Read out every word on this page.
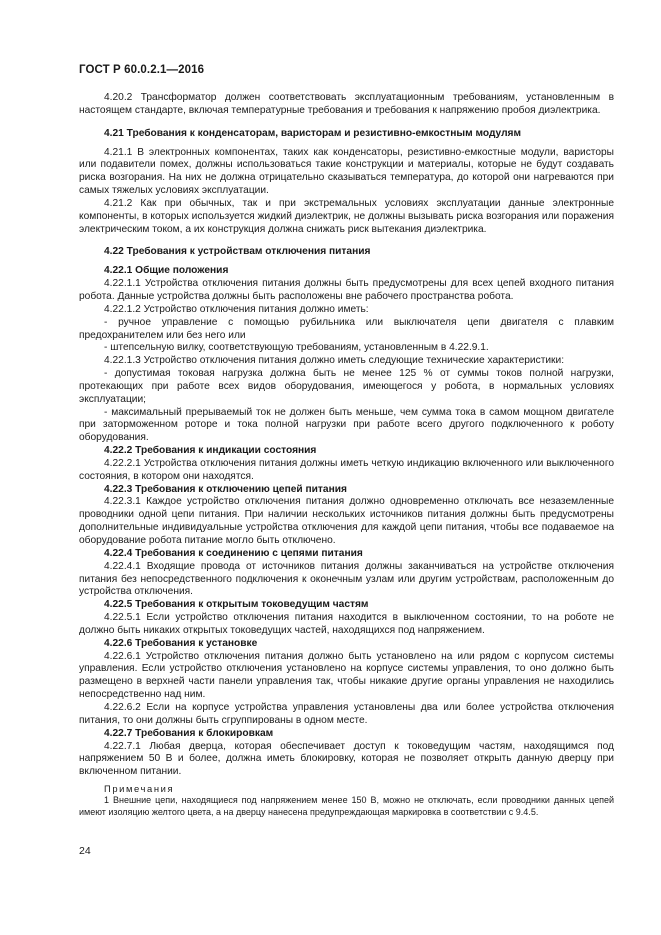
ГОСТ Р 60.0.2.1—2016

4.20.2 Трансформатор должен соответствовать эксплуатационным требованиям, установленным в настоящем стандарте, включая температурные требования и требования к напряжению пробоя диэлектрика.

4.21 Требования к конденсаторам, варисторам и резистивно-емкостным модулям

4.21.1 В электронных компонентах, таких как конденсаторы, резистивно-емкостные модули, варисторы или подавители помех, должны использоваться такие конструкции и материалы, которые не будут создавать риска возгорания. На них не должна отрицательно сказываться температура, до которой они нагреваются при самых тяжелых условиях эксплуатации.

4.21.2 Как при обычных, так и при экстремальных условиях эксплуатации данные электронные компоненты, в которых используется жидкий диэлектрик, не должны вызывать риска возгорания или поражения электрическим током, а их конструкция должна снижать риск вытекания диэлектрика.

4.22 Требования к устройствам отключения питания

4.22.1 Общие положения

4.22.1.1 Устройства отключения питания должны быть предусмотрены для всех цепей входного питания робота. Данные устройства должны быть расположены вне рабочего пространства робота.

4.22.1.2 Устройство отключения питания должно иметь:

- ручное управление с помощью рубильника или выключателя цепи двигателя с плавким предохранителем или без него или

- штепсельную вилку, соответствующую требованиям, установленным в 4.22.9.1.

4.22.1.3 Устройство отключения питания должно иметь следующие технические характеристики:

- допустимая токовая нагрузка должна быть не менее 125 % от суммы токов полной нагрузки, протекающих при работе всех видов оборудования, имеющегося у робота, в нормальных условиях эксплуатации;

- максимальный прерываемый ток не должен быть меньше, чем сумма тока в самом мощном двигателе при заторможенном роторе и тока полной нагрузки при работе всего другого подключенного к роботу оборудования.

4.22.2 Требования к индикации состояния

4.22.2.1 Устройства отключения питания должны иметь четкую индикацию включенного или выключенного состояния, в котором они находятся.

4.22.3 Требования к отключению цепей питания

4.22.3.1 Каждое устройство отключения питания должно одновременно отключать все незаземленные проводники одной цепи питания. При наличии нескольких источников питания должны быть предусмотрены дополнительные индивидуальные устройства отключения для каждой цепи питания, чтобы все подаваемое на оборудование робота питание могло быть отключено.

4.22.4 Требования к соединению с цепями питания

4.22.4.1 Входящие провода от источников питания должны заканчиваться на устройстве отключения питания без непосредственного подключения к оконечным узлам или другим устройствам, расположенным до устройства отключения.

4.22.5 Требования к открытым токоведущим частям

4.22.5.1 Если устройство отключения питания находится в выключенном состоянии, то на роботе не должно быть никаких открытых токоведущих частей, находящихся под напряжением.

4.22.6 Требования к установке

4.22.6.1 Устройство отключения питания должно быть установлено на или рядом с корпусом системы управления. Если устройство отключения установлено на корпусе системы управления, то оно должно быть размещено в верхней части панели управления так, чтобы никакие другие органы управления не находились непосредственно над ним.

4.22.6.2 Если на корпусе устройства управления установлены два или более устройства отключения питания, то они должны быть сгруппированы в одном месте.

4.22.7 Требования к блокировкам

4.22.7.1 Любая дверца, которая обеспечивает доступ к токоведущим частям, находящимся под напряжением 50 В и более, должна иметь блокировку, которая не позволяет открыть данную дверцу при включенном питании.

Примечания

1 Внешние цепи, находящиеся под напряжением менее 150 В, можно не отключать, если проводники данных цепей имеют изоляцию желтого цвета, а на дверцу нанесена предупреждающая маркировка в соответствии с 9.4.5.

24
